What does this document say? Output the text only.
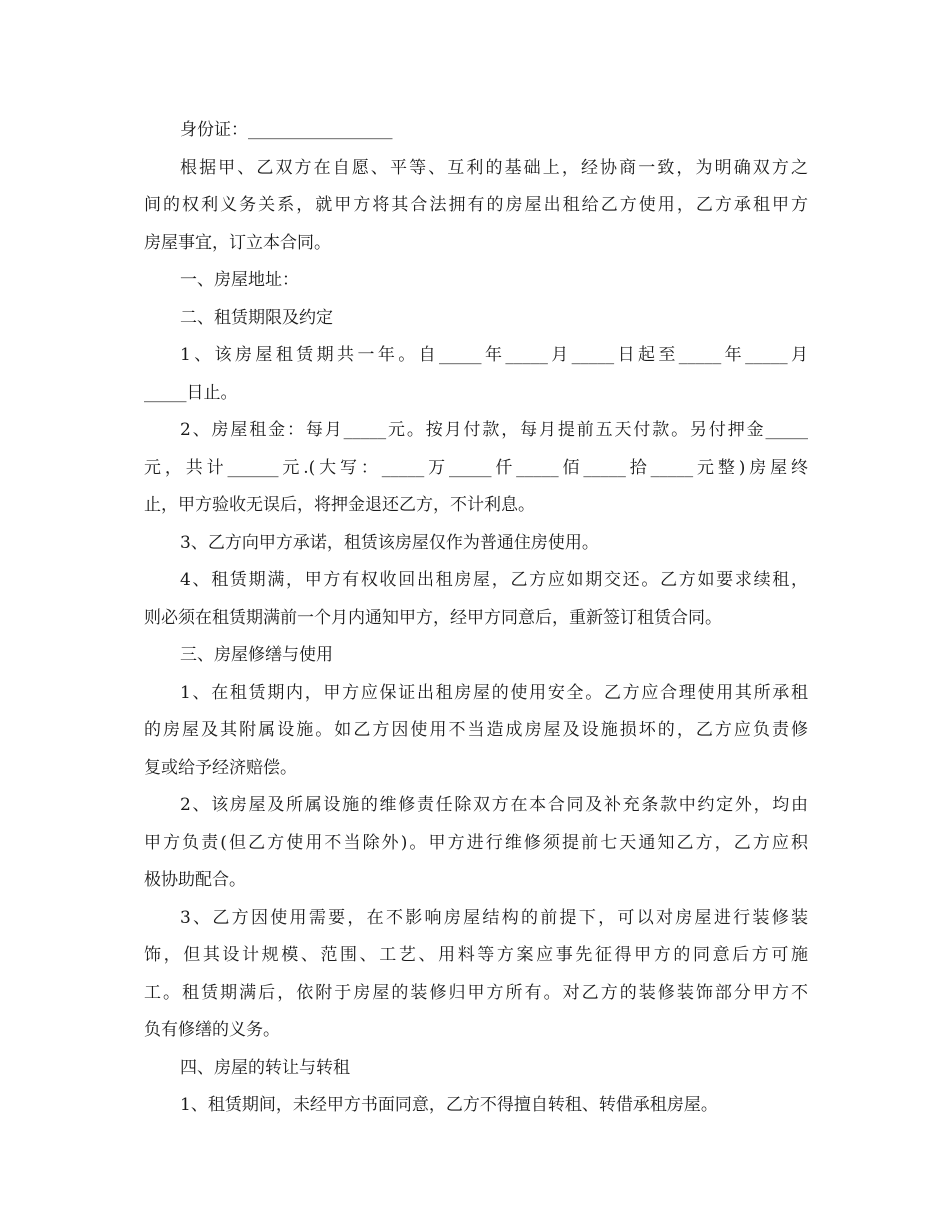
身份证：_________________
根据甲、乙双方在自愿、平等、互利的基础上，经协商一致，为明确双方之
间的权利义务关系，就甲方将其合法拥有的房屋出租给乙方使用，乙方承租甲方
房屋事宜，订立本合同。
一、房屋地址：
二、租赁期限及约定
1、该房屋租赁期共一年。自_____年_____月_____日起至_____年_____月
_____日止。
2、房屋租金：每月_____元。按月付款，每月提前五天付款。另付押金_____
元，共计______元.(大写：_____万_____仟_____佰_____拾_____元整)房屋终
止，甲方验收无误后，将押金退还乙方，不计利息。
3、乙方向甲方承诺，租赁该房屋仅作为普通住房使用。
4、租赁期满，甲方有权收回出租房屋，乙方应如期交还。乙方如要求续租，
则必须在租赁期满前一个月内通知甲方，经甲方同意后，重新签订租赁合同。
三、房屋修缮与使用
1、在租赁期内，甲方应保证出租房屋的使用安全。乙方应合理使用其所承租
的房屋及其附属设施。如乙方因使用不当造成房屋及设施损坏的，乙方应负责修
复或给予经济赔偿。
2、该房屋及所属设施的维修责任除双方在本合同及补充条款中约定外，均由
甲方负责(但乙方使用不当除外)。甲方进行维修须提前七天通知乙方，乙方应积
极协助配合。
3、乙方因使用需要，在不影响房屋结构的前提下，可以对房屋进行装修装
饰，但其设计规模、范围、工艺、用料等方案应事先征得甲方的同意后方可施
工。租赁期满后，依附于房屋的装修归甲方所有。对乙方的装修装饰部分甲方不
负有修缮的义务。
四、房屋的转让与转租
1、租赁期间，未经甲方书面同意，乙方不得擅自转租、转借承租房屋。
